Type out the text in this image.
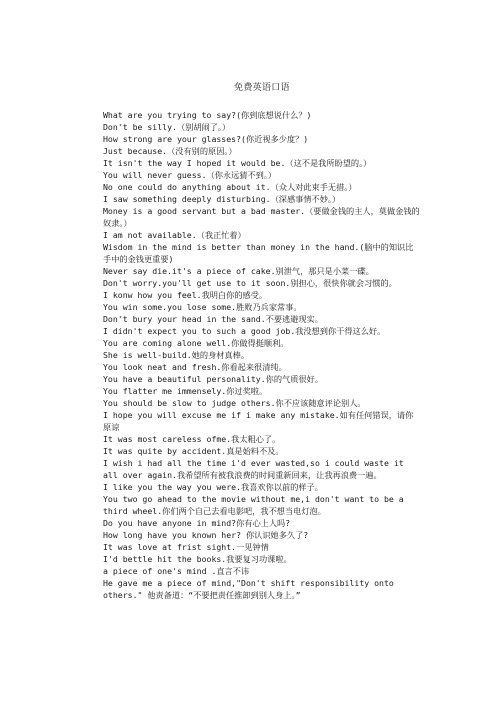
免费英语口语
What are you trying to say?(你到底想说什么？)
Don't be silly.（别胡闹了。）
How strong are your glasses?(你近视多少度？)
Just because.（没有别的原因。）
It isn't the way I hoped it would be.（这不是我所盼望的。）
You will never guess.（你永远猜不到。）
No one could do anything about it.（众人对此束手无措。）
I saw something deeply disturbing.（深感事情不妙。）
Money is a good servant but a bad master.（要做金钱的主人，莫做金钱的奴隶。）
I am not available.（我正忙着）
Wisdom in the mind is better than money in the hand.(脑中的知识比手中的金钱更重要)
Never say die.it's a piece of cake.别泄气，那只是小菜一碟。
Don't worry.you'll get use to it soon.别担心，很快你就会习惯的。
I konw how you feel.我明白你的感受。
You win some.you lose some.胜败乃兵家常事。
Don't bury your head in the sand.不要逃避现实。
I didn't expect you to such a good job.我没想到你干得这么好。
You are coming alone well.你做得挺顺利。
She is well-build.她的身材真棒。
You look neat and fresh.你看起来很清纯。
You have a beautiful personality.你的气质很好。
You flatter me immensely.你过奖啦。
You should be slow to judge others.你不应该随意评论别人。
I hope you will excuse me if i make any mistake.如有任何错误，请你原谅
It was most careless ofme.我太粗心了。
It was quite by accident.真是始料不及。
I wish i had all the time i'd ever wasted,so i could waste it all over again.我希望所有被我浪费的时间重新回来，让我再浪费一遍。
I like you the way you were.我喜欢你以前的样子。
You two go ahead to the movie without me,i don't want to be a third wheel.你们两个自己去看电影吧，我不想当电灯泡。
Do you have anyone in mind?你有心上人吗?
How long have you known her? 你认识她多久了?
It was love at frist sight.一见钟情
I'd bettle hit the books.我要复习功课啦。
a piece of one's mind .直言不讳
He gave me a piece of mind,"Don't shift responsibility onto others." 他责备道：“不要把责任推卸到别人身上。”
